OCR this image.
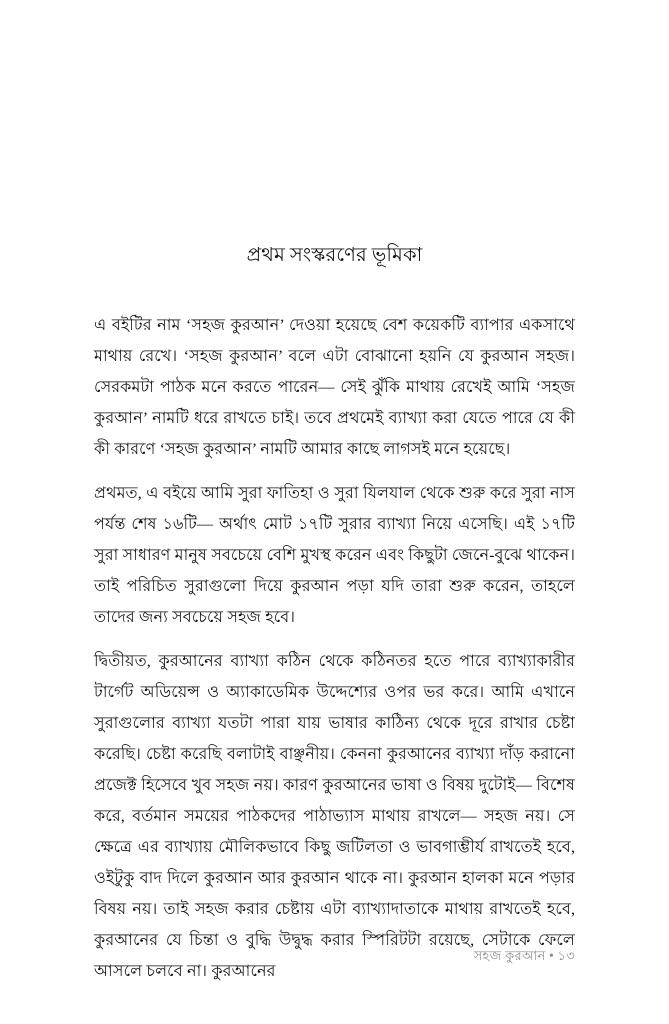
প্রথম সংস্করণের ভূমিকা

এ বইটির নাম ‘সহজ কুরআন’ দেওয়া হয়েছে বেশ কয়েকটি ব্যাপার একসাথে মাথায় রেখে। ‘সহজ কুরআন’ বলে এটা বোঝানো হয়নি যে কুরআন সহজ। সেরকমটা পাঠক মনে করতে পারেন— সেই ঝুঁকি মাথায় রেখেই আমি ‘সহজ কুরআন’ নামটি ধরে রাখতে চাই। তবে প্রথমেই ব্যাখ্যা করা যেতে পারে যে কী কী কারণে ‘সহজ কুরআন’ নামটি আমার কাছে লাগসই মনে হয়েছে।

প্রথমত, এ বইয়ে আমি সুরা ফাতিহা ও সুরা যিলযাল থেকে শুরু করে সুরা নাস পর্যন্ত শেষ ১৬টি— অর্থাৎ মোট ১৭টি সুরার ব্যাখ্যা নিয়ে এসেছি। এই ১৭টি সুরা সাধারণ মানুষ সবচেয়ে বেশি মুখস্থ করেন এবং কিছুটা জেনে-বুঝে থাকেন। তাই পরিচিত সুরাগুলো দিয়ে কুরআন পড়া যদি তারা শুরু করেন, তাহলে তাদের জন্য সবচেয়ে সহজ হবে।

দ্বিতীয়ত, কুরআনের ব্যাখ্যা কঠিন থেকে কঠিনতর হতে পারে ব্যাখ্যাকারীর টার্গেট অডিয়েন্স ও অ্যাকাডেমিক উদ্দেশ্যের ওপর ভর করে। আমি এখানে সুরাগুলোর ব্যাখ্যা যতটা পারা যায় ভাষার কাঠিন্য থেকে দূরে রাখার চেষ্টা করেছি। চেষ্টা করেছি বলাটাই বাঞ্ছনীয়। কেননা কুরআনের ব্যাখ্যা দাঁড় করানো প্রজেক্ট হিসেবে খুব সহজ নয়। কারণ কুরআনের ভাষা ও বিষয় দুটোই— বিশেষ করে, বর্তমান সময়ের পাঠকদের পাঠাভ্যাস মাথায় রাখলে— সহজ নয়। সে ক্ষেত্রে এর ব্যাখ্যায় মৌলিকভাবে কিছু জটিলতা ও ভাবগাম্ভীর্য রাখতেই হবে, ওইটুকু বাদ দিলে কুরআন আর কুরআন থাকে না। কুরআন হালকা মনে পড়ার বিষয় নয়। তাই সহজ করার চেষ্টায় এটা ব্যাখ্যাদাতাকে মাথায় রাখতেই হবে, কুরআনের যে চিন্তা ও বুদ্ধি উদ্বুদ্ধ করার স্পিরিটটা রয়েছে, সেটাকে ফেলে আসলে চলবে না। কুরআনের

সহজ কুরআন • ১৩
